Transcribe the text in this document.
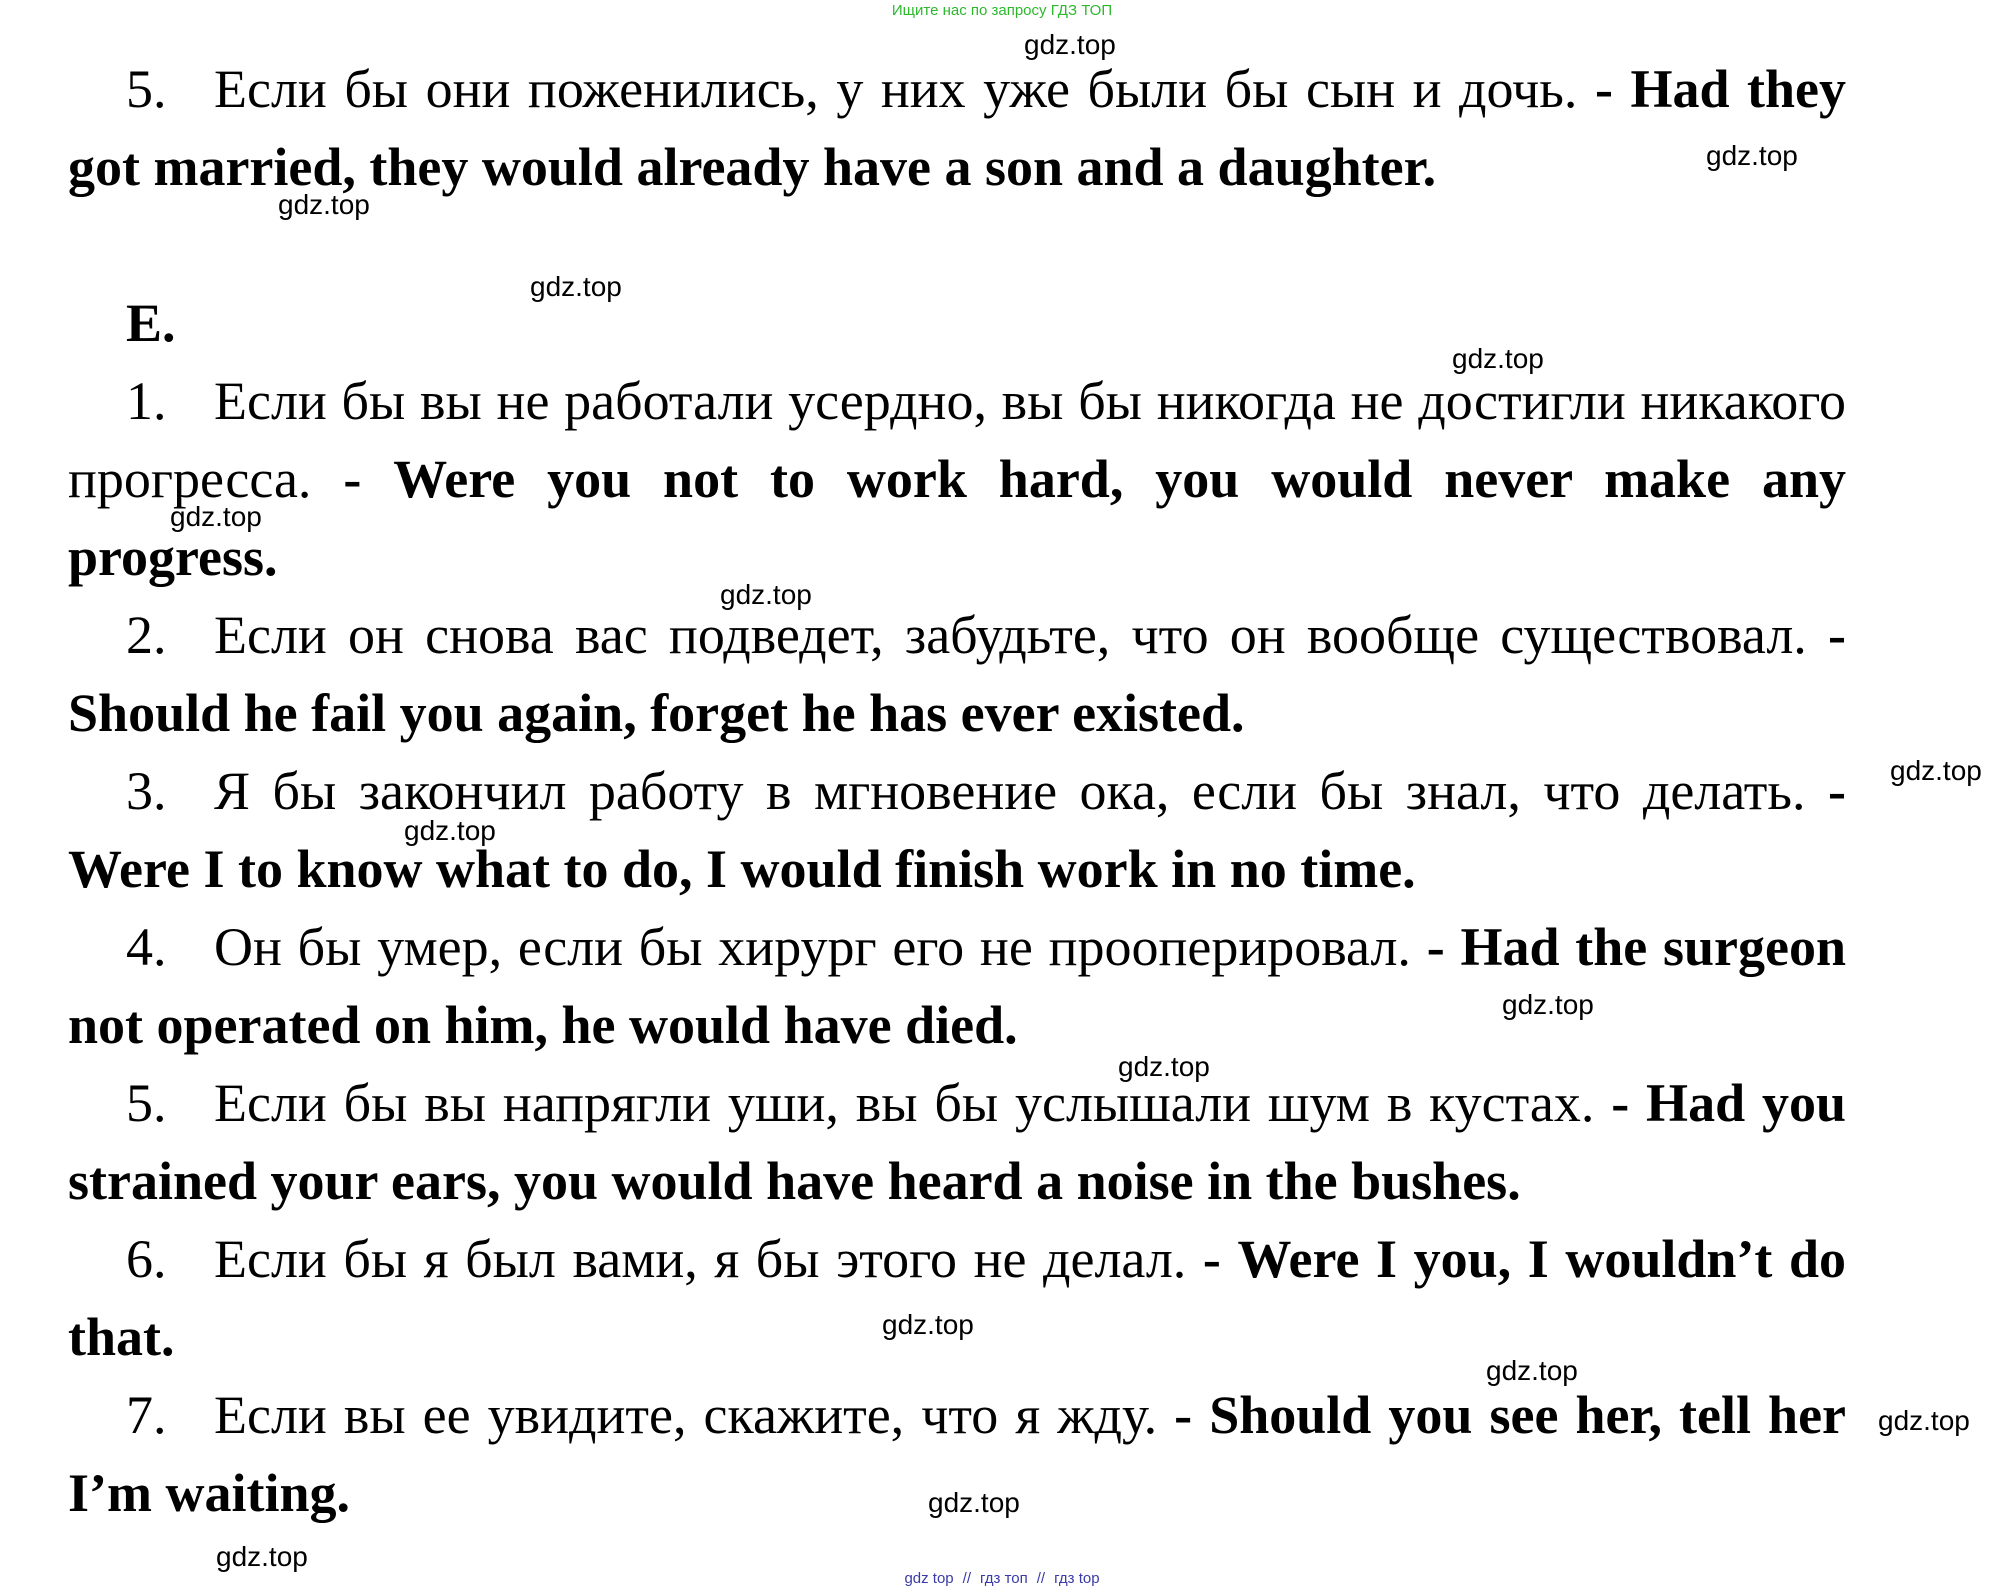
Ищите нас по запросу ГДЗ ТОП

5. Если бы они поженились, у них уже были бы сын и дочь. - Had they got married, they would already have a son and a daughter.

E.

1. Если бы вы не работали усердно, вы бы никогда не достигли никакого прогресса. - Were you not to work hard, you would never make any progress.

2. Если он снова вас подведет, забудьте, что он вообще существовал. - Should he fail you again, forget he has ever existed.

3. Я бы закончил работу в мгновение ока, если бы знал, что делать. - Were I to know what to do, I would finish work in no time.

4. Он бы умер, если бы хирург его не прооперировал. - Had the surgeon not operated on him, he would have died.

5. Если бы вы напрягли уши, вы бы услышали шум в кустах. - Had you strained your ears, you would have heard a noise in the bushes.

6. Если бы я был вами, я бы этого не делал. - Were I you, I wouldn’t do that.

7. Если вы ее увидите, скажите, что я жду. - Should you see her, tell her I’m waiting.

gdz.top
gdz.top
gdz.top
gdz.top
gdz.top
gdz.top
gdz.top
gdz.top
gdz.top
gdz.top
gdz.top
gdz.top
gdz.top
gdz.top
gdz.top
gdz.top
gdz top // гдз топ // гдз top
